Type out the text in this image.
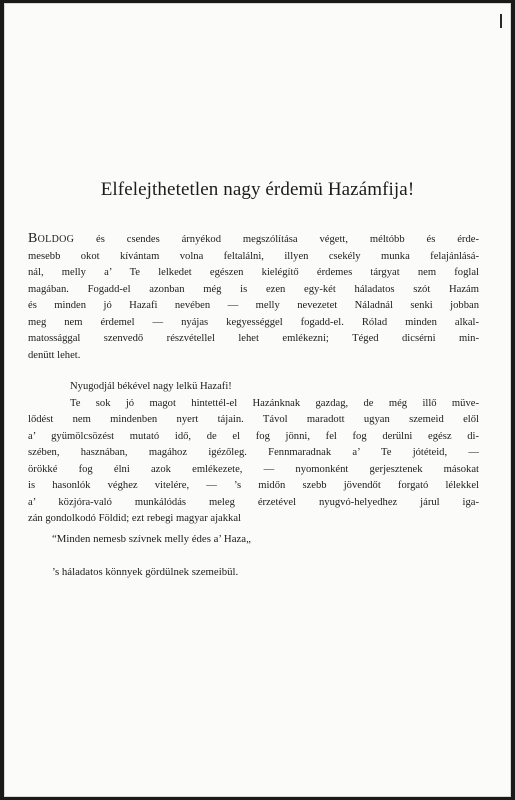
Elfelejthetetlen nagy érdemü Hazámfija!
Boldog és csendes árnyékod megszólítása végett, méltóbb és érde-
mesebb okot kívántam volna feltalálni, illyen csekély munka felajánlásá-
nál, melly a’ Te lelkedet egészen kielégítő érdemes tárgyat nem foglal
magában. Fogadd-el azonban még is ezen egy-két háladatos szót Hazám
és minden jó Hazafi nevében — melly nevezetet Náladnál senki jobban
meg nem érdemel — nyájas kegyességgel fogadd-el. Rólad minden alkal-
matossággal szenvedő részvétellel lehet emlékezni; Téged dicsérni min-
denütt lehet.
Nyugodjál békével nagy lelkü Hazafi!
Te sok jó magot hintettél-el Hazánknak gazdag, de még illő müve-
lődést nem mindenben nyert tájain. Távol maradott ugyan szemeid elől
a’ gyümölcsözést mutató idő, de el fog jönni, fel fog derülni egész di-
szében, hasznában, magához igézőleg. Fennmaradnak a’ Te jótéteid, —
örökké fog élni azok emlékezete, — nyomonként gerjesztenek másokat
is hasonlók véghez vitelére, — ’s midőn szebb jövendőt forgató lélekkel
a’ közjóra-való munkálódás meleg érzetével nyugvó-helyedhez járul iga-
zán gondolkodó Földid; ezt rebegi magyar ajakkal

“Minden nemesb szívnek melly édes a’ Haza„

’s háladatos könnyek gördülnek szemeibül.
